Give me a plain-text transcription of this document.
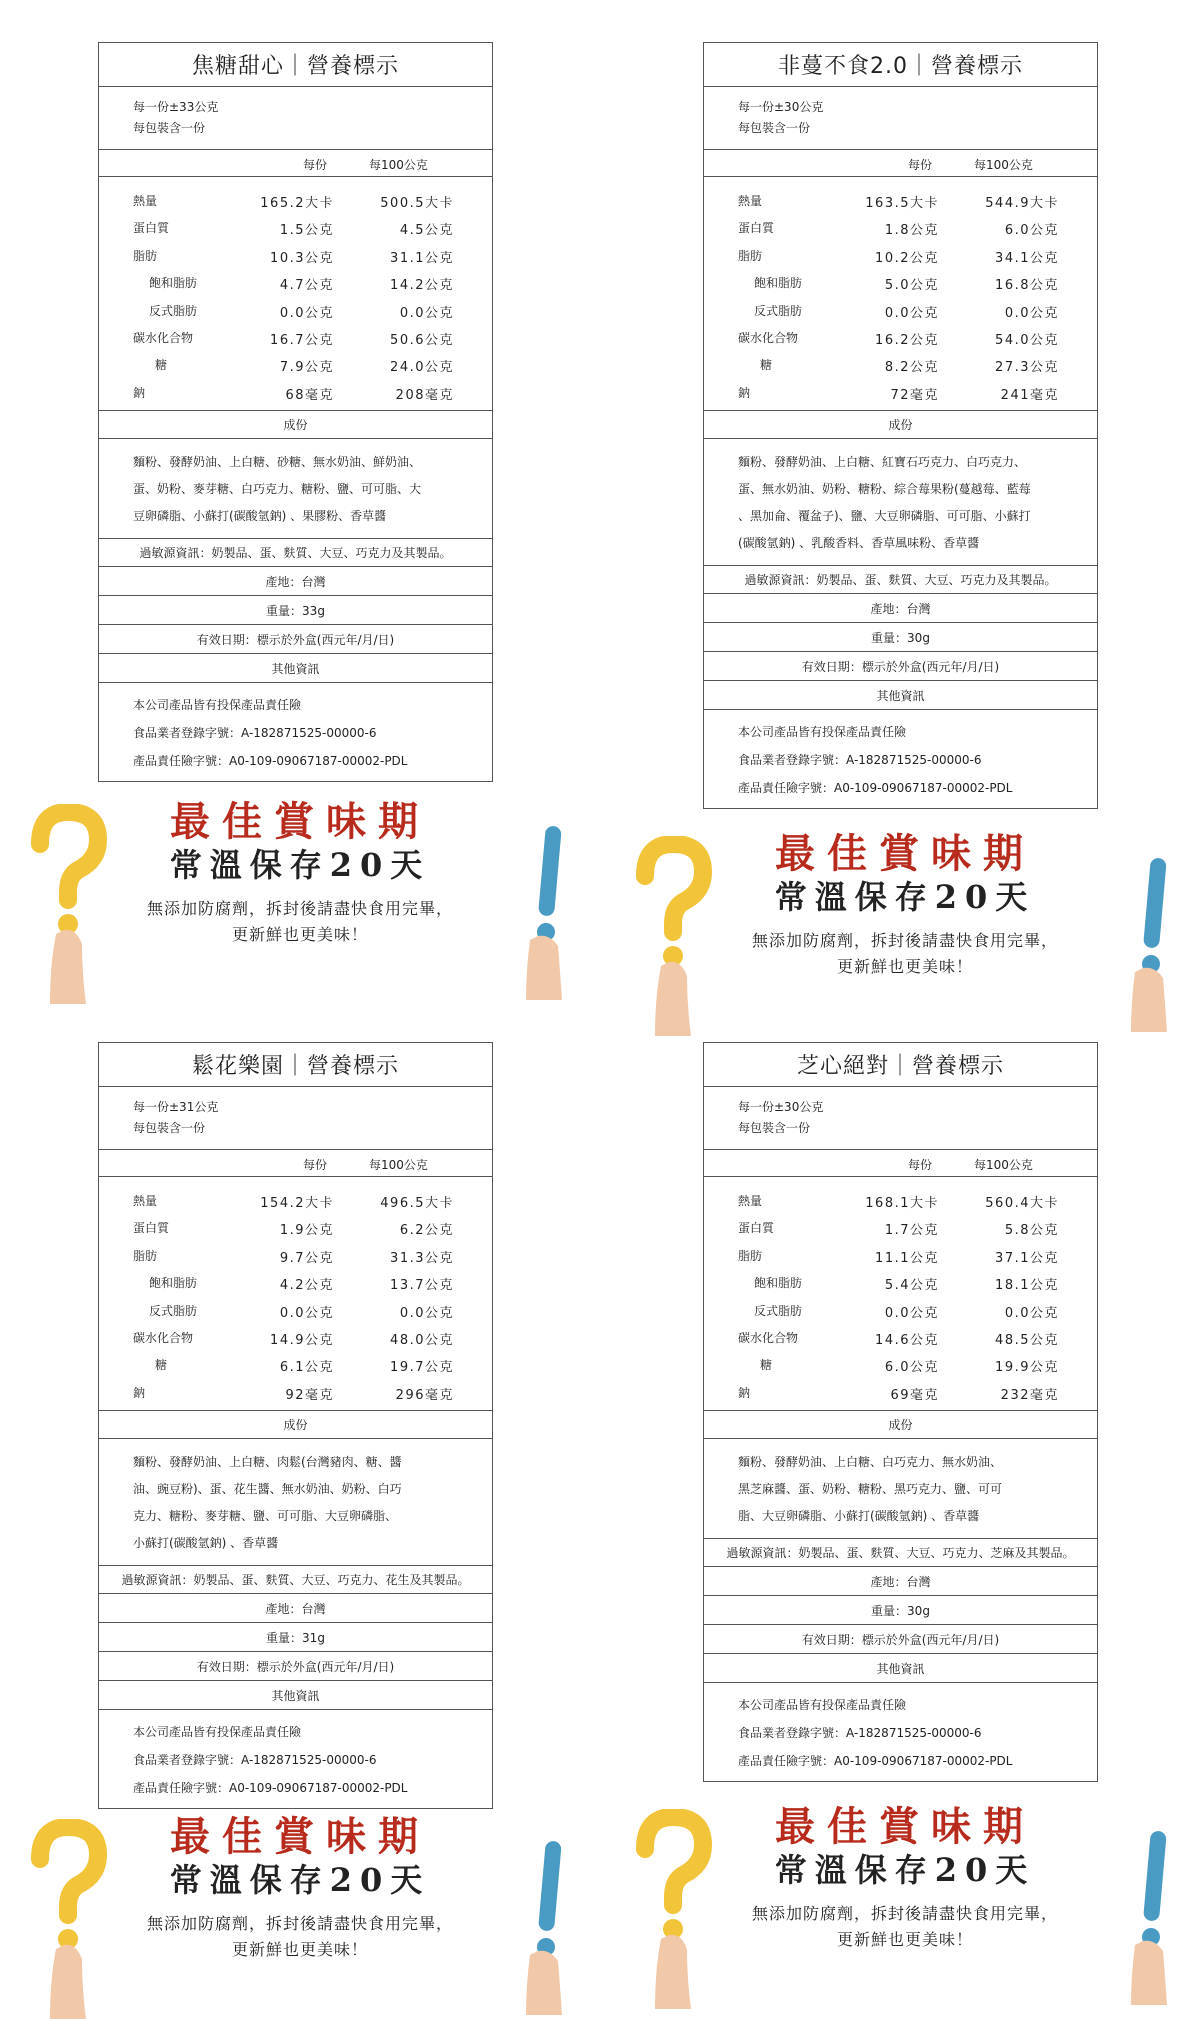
焦糖甜心｜營養標示
每一份±33公克
每包裝含一份
每份	每100公克
熱量	165.2大卡	500.5大卡
蛋白質	1.5公克	4.5公克
脂肪	10.3公克	31.1公克
飽和脂肪	4.7公克	14.2公克
反式脂肪	0.0公克	0.0公克
碳水化合物	16.7公克	50.6公克
糖	7.9公克	24.0公克
鈉	68毫克	208毫克
成份
麵粉、發酵奶油、上白糖、砂糖、無水奶油、鮮奶油、
蛋、奶粉、麥芽糖、白巧克力、糖粉、鹽、可可脂、大
豆卵磷脂、小蘇打(碳酸氫鈉) 、果膠粉、香草醬
過敏源資訊：奶製品、蛋、麩質、大豆、巧克力及其製品。
產地：台灣
重量：33g
有效日期：標示於外盒(西元年/月/日)
其他資訊
本公司產品皆有投保產品責任險
食品業者登錄字號：A-182871525-00000-6
產品責任險字號：A0-109-09067187-00002-PDL
非蔓不食2.0｜營養標示
每一份±30公克
每包裝含一份
每份	每100公克
熱量	163.5大卡	544.9大卡
蛋白質	1.8公克	6.0公克
脂肪	10.2公克	34.1公克
飽和脂肪	5.0公克	16.8公克
反式脂肪	0.0公克	0.0公克
碳水化合物	16.2公克	54.0公克
糖	8.2公克	27.3公克
鈉	72毫克	241毫克
成份
麵粉、發酵奶油、上白糖、紅寶石巧克力、白巧克力、
蛋、無水奶油、奶粉、糖粉、綜合莓果粉(蔓越莓、藍莓
、黑加侖、覆盆子)、鹽、大豆卵磷脂、可可脂、小蘇打
(碳酸氫鈉) 、乳酸香料、香草風味粉、香草醬
過敏源資訊：奶製品、蛋、麩質、大豆、巧克力及其製品。
產地：台灣
重量：30g
有效日期：標示於外盒(西元年/月/日)
其他資訊
本公司產品皆有投保產品責任險
食品業者登錄字號：A-182871525-00000-6
產品責任險字號：A0-109-09067187-00002-PDL
鬆花樂園｜營養標示
每一份±31公克
每包裝含一份
每份	每100公克
熱量	154.2大卡	496.5大卡
蛋白質	1.9公克	6.2公克
脂肪	9.7公克	31.3公克
飽和脂肪	4.2公克	13.7公克
反式脂肪	0.0公克	0.0公克
碳水化合物	14.9公克	48.0公克
糖	6.1公克	19.7公克
鈉	92毫克	296毫克
成份
麵粉、發酵奶油、上白糖、肉鬆(台灣豬肉、糖、醬
油、豌豆粉)、蛋、花生醬、無水奶油、奶粉、白巧
克力、糖粉、麥芽糖、鹽、可可脂、大豆卵磷脂、
小蘇打(碳酸氫鈉) 、香草醬
過敏源資訊：奶製品、蛋、麩質、大豆、巧克力、花生及其製品。
產地：台灣
重量：31g
有效日期：標示於外盒(西元年/月/日)
其他資訊
本公司產品皆有投保產品責任險
食品業者登錄字號：A-182871525-00000-6
產品責任險字號：A0-109-09067187-00002-PDL
芝心絕對｜營養標示
每一份±30公克
每包裝含一份
每份	每100公克
熱量	168.1大卡	560.4大卡
蛋白質	1.7公克	5.8公克
脂肪	11.1公克	37.1公克
飽和脂肪	5.4公克	18.1公克
反式脂肪	0.0公克	0.0公克
碳水化合物	14.6公克	48.5公克
糖	6.0公克	19.9公克
鈉	69毫克	232毫克
成份
麵粉、發酵奶油、上白糖、白巧克力、無水奶油、
黑芝麻醬、蛋、奶粉、糖粉、黑巧克力、鹽、可可
脂、大豆卵磷脂、小蘇打(碳酸氫鈉) 、香草醬
過敏源資訊：奶製品、蛋、麩質、大豆、巧克力、芝麻及其製品。
產地：台灣
重量：30g
有效日期：標示於外盒(西元年/月/日)
其他資訊
本公司產品皆有投保產品責任險
食品業者登錄字號：A-182871525-00000-6
產品責任險字號：A0-109-09067187-00002-PDL
最佳賞味期
常溫保存20天
無添加防腐劑，拆封後請盡快食用完畢，
更新鮮也更美味！
最佳賞味期
常溫保存20天
無添加防腐劑，拆封後請盡快食用完畢，
更新鮮也更美味！
最佳賞味期
常溫保存20天
無添加防腐劑，拆封後請盡快食用完畢，
更新鮮也更美味！
最佳賞味期
常溫保存20天
無添加防腐劑，拆封後請盡快食用完畢，
更新鮮也更美味！
